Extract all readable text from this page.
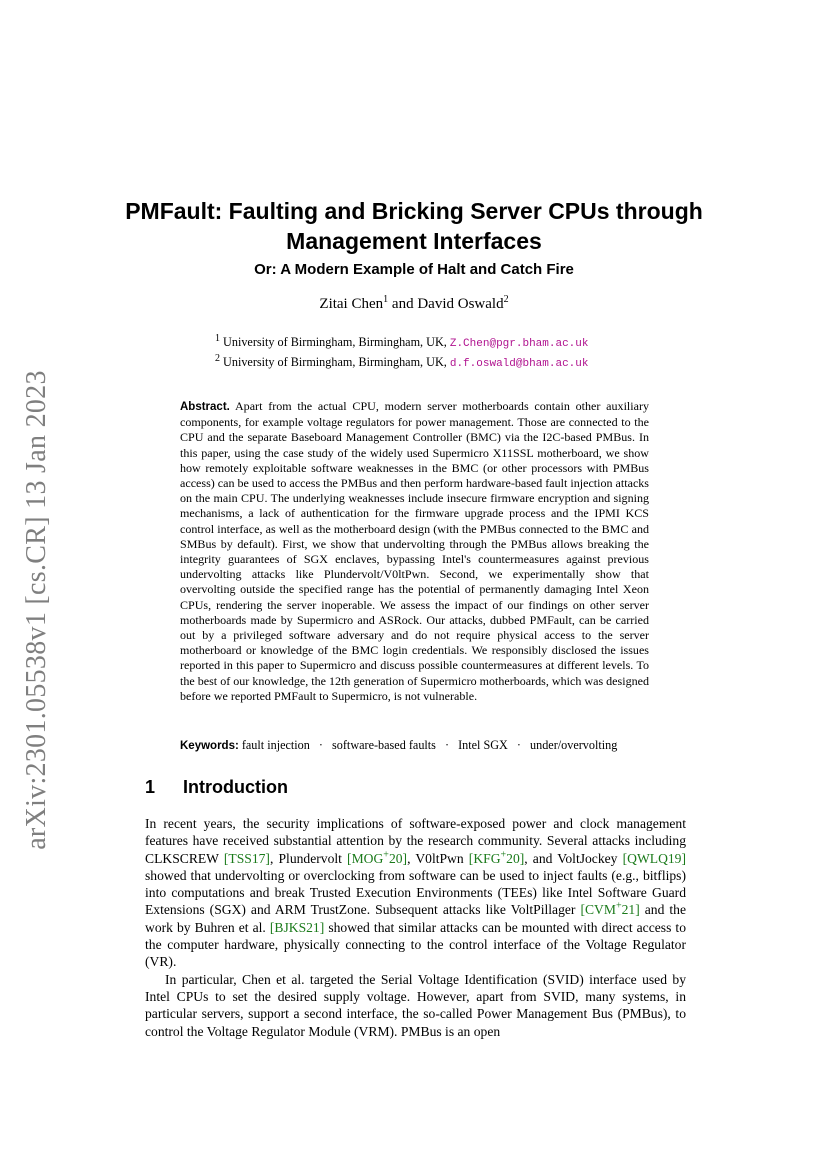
arXiv:2301.05538v1 [cs.CR] 13 Jan 2023
PMFault: Faulting and Bricking Server CPUs through Management Interfaces
Or: A Modern Example of Halt and Catch Fire
Zitai Chen$^1$ and David Oswald$^2$
$^1$ University of Birmingham, Birmingham, UK, Z.Chen@pgr.bham.ac.uk
$^2$ University of Birmingham, Birmingham, UK, d.f.oswald@bham.ac.uk
Abstract. Apart from the actual CPU, modern server motherboards contain other auxiliary components, for example voltage regulators for power management. Those are connected to the CPU and the separate Baseboard Management Controller (BMC) via the I2C-based PMBus. In this paper, using the case study of the widely used Supermicro X11SSL motherboard, we show how remotely exploitable software weaknesses in the BMC (or other processors with PMBus access) can be used to access the PMBus and then perform hardware-based fault injection attacks on the main CPU. The underlying weaknesses include insecure firmware encryption and signing mechanisms, a lack of authentication for the firmware upgrade process and the IPMI KCS control interface, as well as the motherboard design (with the PMBus connected to the BMC and SMBus by default). First, we show that undervolting through the PMBus allows breaking the integrity guarantees of SGX enclaves, bypassing Intel's countermeasures against previous undervolting attacks like Plundervolt/V0ltPwn. Second, we experimentally show that overvolting outside the specified range has the potential of permanently damaging Intel Xeon CPUs, rendering the server inoperable. We assess the impact of our findings on other server motherboards made by Supermicro and ASRock. Our attacks, dubbed PMFault, can be carried out by a privileged software adversary and do not require physical access to the server motherboard or knowledge of the BMC login credentials. We responsibly disclosed the issues reported in this paper to Supermicro and discuss possible countermeasures at different levels. To the best of our knowledge, the 12th generation of Supermicro motherboards, which was designed before we reported PMFault to Supermicro, is not vulnerable.
Keywords: fault injection · software-based faults · Intel SGX · under/overvolting
1 Introduction

In recent years, the security implications of software-exposed power and clock management features have received substantial attention by the research community. Several attacks including CLKSCREW [TSS17], Plundervolt [MOG+20], V0ltPwn [KFG+20], and VoltJockey [QWLQ19] showed that undervolting or overclocking from software can be used to inject faults (e.g., bitflips) into computations and break Trusted Execution Environments (TEEs) like Intel Software Guard Extensions (SGX) and ARM TrustZone. Subsequent attacks like VoltPillager [CVM+21] and the work by Buhren et al. [BJKS21] showed that similar attacks can be mounted with direct access to the computer hardware, physically connecting to the control interface of the Voltage Regulator (VR).

In particular, Chen et al. targeted the Serial Voltage Identification (SVID) interface used by Intel CPUs to set the desired supply voltage. However, apart from SVID, many systems, in particular servers, support a second interface, the so-called Power Management Bus (PMBus), to control the Voltage Regulator Module (VRM). PMBus is an open
